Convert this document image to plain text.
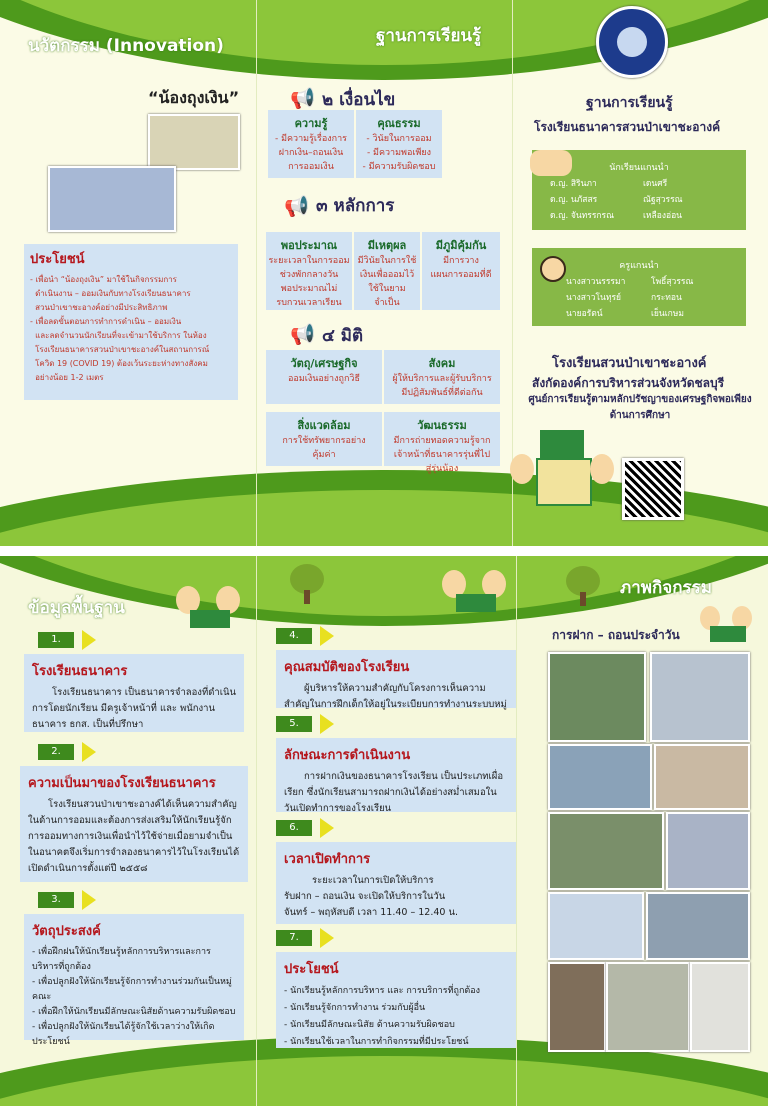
นวัตกรรม (Innovation)	ฐานการเรียนรู้
“น้องถุงเงิน”
ประโยชน์
- เพื่อนำ “น้องถุงเงิน” มาใช้ในกิจกรรมการ
ดำเนินงาน – ออมเงินกับทางโรงเรียนธนาคาร
สวนป่าเขาชะอางค์อย่างมีประสิทธิภาพ
- เพื่อลดขั้นตอนการทำการดำเนิน – ออมเงิน
และลดจำนวนนักเรียนที่จะเข้ามาใช้บริการ ในห้อง
โรงเรียนธนาคารสวนป่าเขาชะอางค์ในสถานการณ์
โควิด 19 (COVID 19) ต้องเว้นระยะห่างทางสังคม
อย่างน้อย 1-2 เมตร
📢 ๒ เงื่อนไข
ความรู้
- มีความรู้เรื่องการ
ฝากเงิน–ถอนเงิน
การออมเงิน
คุณธรรม
- วินัยในการออม
- มีความพอเพียง
- มีความรับผิดชอบ
📢 ๓ หลักการ
พอประมาณ
ระยะเวลาในการออม
ช่วงพักกลางวัน
พอประมาณไม่
รบกวนเวลาเรียน
มีเหตุผล
มีวินัยในการใช้
เงินเพื่อออมไว้
ใช้ในยาม
จำเป็น
มีภูมิคุ้มกัน
มีการวาง
แผนการออมที่ดี
📢 ๔ มิติ
วัตถุ/เศรษฐกิจ
ออมเงินอย่างถูกวิธี
สังคม
ผู้ให้บริการและผู้รับบริการ
มีปฏิสัมพันธ์ที่ดีต่อกัน
สิ่งแวดล้อม
การใช้ทรัพยากรอย่าง
คุ้มค่า
วัฒนธรรม
มีการถ่ายทอดความรู้จาก
เจ้าหน้าที่ธนาคารรุ่นพี่ไป
สู่รุ่นน้อง
ฐานการเรียนรู้
โรงเรียนธนาคารสวนป่าเขาชะอางค์
นักเรียนแกนนำ
ด.ญ. สิรินภา	เดนศรี
ด.ญ. นภัสสร	ณัฐสุวรรณ
ด.ญ. จันทรรกรณ	เหลืองอ่อน
ครูแกนนำ
นางสาวนรรรมา	โพธิ์สุวรรณ
นางสาวโนทุรย์	กระทอน
นายอรัตน์	เย็นเกษม
โรงเรียนสวนป่าเขาชะอางค์
สังกัดองค์การบริหารส่วนจังหวัดชลบุรี
ศูนย์การเรียนรู้ตามหลักปรัชญาของเศรษฐกิจพอเพียง
ด้านการศึกษา
ข้อมูลพื้นฐาน
ภาพกิจกรรม
1.
2.
3.
4.
5.
6.
7.
โรงเรียนธนาคาร
โรงเรียนธนาคาร เป็นธนาคารจำลองที่ดำเนินการโดยนักเรียน มีครูเจ้าหน้าที่ และ พนักงานธนาคาร ธกส. เป็นที่ปรึกษา
ความเป็นมาของโรงเรียนธนาคาร
โรงเรียนสวนป่าเขาชะอางค์ได้เห็นความสำคัญในด้านการออมและต้องการส่งเสริมให้นักเรียนรู้จักการออมทางการเงินเพื่อนำไว้ใช้จ่ายเมื่อยามจำเป็นในอนาคตจึงเริ่มการจำลองธนาคารไว้ในโรงเรียนได้เปิดดำเนินการตั้งแต่ปี ๒๕๕๘
วัตถุประสงค์
- เพื่อฝึกฝนให้นักเรียนรู้หลักการบริหารและการบริหารที่ถูกต้อง
- เพื่อปลูกฝังให้นักเรียนรู้จักการทำงานร่วมกันเป็นหมู่คณะ
- เพื่อฝึกให้นักเรียนมีลักษณะนิสัยด้านความรับผิดชอบ
- เพื่อปลูกฝังให้นักเรียนได้รู้จักใช้เวลาว่างให้เกิดประโยชน์
คุณสมบัติของโรงเรียน
ผู้บริหารให้ความสำคัญกับโครงการเห็นความสำคัญในการฝึกเด็กให้อยู่ในระเบียบการทำงานระบบหมู่
ลักษณะการดำเนินงาน
การฝากเงินของธนาคารโรงเรียน เป็นประเภทเผื่อเรียก ซึ่งนักเรียนสามารถฝากเงินได้อย่างสม่ำเสมอในวันเปิดทำการของโรงเรียน
เวลาเปิดทำการ
ระยะเวลาในการเปิดให้บริการ
รับฝาก – ถอนเงิน จะเปิดให้บริการในวัน
จันทร์ – พฤหัสบดี เวลา 11.40 – 12.40 น.
ประโยชน์
- นักเรียนรู้หลักการบริหาร และ การบริการที่ถูกต้อง
- นักเรียนรู้จักการทำงาน ร่วมกับผู้อื่น
- นักเรียนมีลักษณะนิสัย ด้านความรับผิดชอบ
- นักเรียนใช้เวลาในการทำกิจกรรมที่มีประโยชน์
การฝาก – ถอนประจำวัน
